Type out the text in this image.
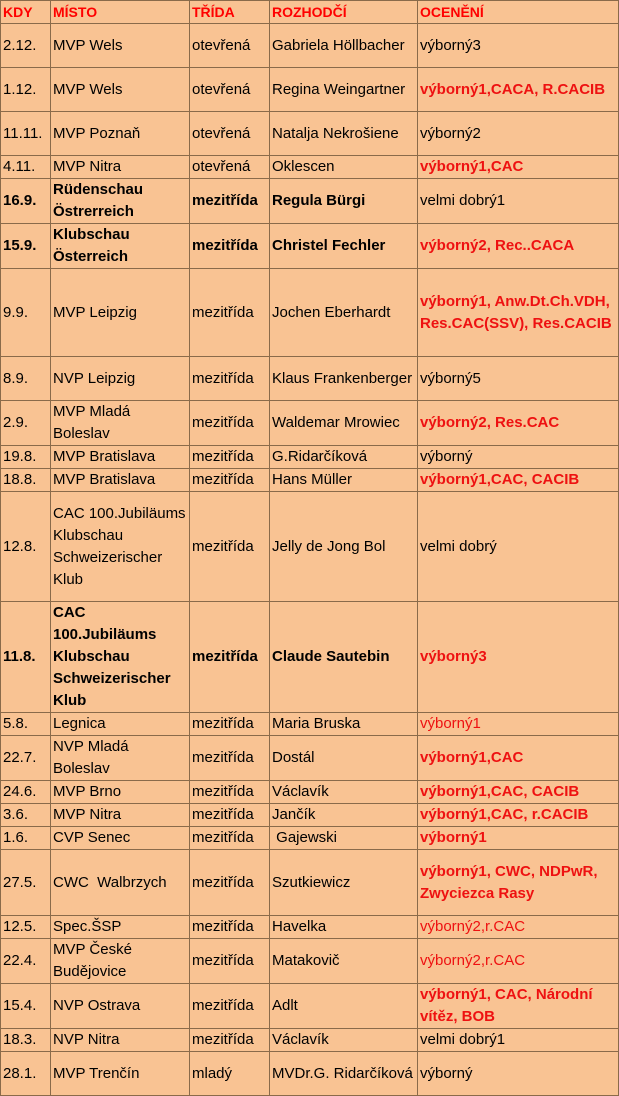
KDY	MÍSTO	TŘÍDA	ROZHODČÍ	OCENĚNÍ
2.12.	MVP Wels	otevřená	Gabriela Höllbacher	výborný3
1.12.	MVP Wels	otevřená	Regina Weingartner	výborný1,CACA, R.CACIB
11.11.	MVP Poznaň	otevřená	Natalja Nekrošiene	výborný2
4.11.	MVP Nitra	otevřená	Oklescen	výborný1,CAC
16.9.	Rüdenschau Östrerreich	mezitřída	Regula Bürgi	velmi dobrý1
15.9.	Klubschau Österreich	mezitřída	Christel Fechler	výborný2, Rec..CACA
9.9.	MVP Leipzig	mezitřída	Jochen Eberhardt	výborný1, Anw.Dt.Ch.VDH, Res.CAC(SSV), Res.CACIB
8.9.	NVP Leipzig	mezitřída	Klaus Frankenberger	výborný5
2.9.	MVP Mladá Boleslav	mezitřída	Waldemar Mrowiec	výborný2, Res.CAC
19.8.	MVP Bratislava	mezitřída	G.Ridarčíková	výborný
18.8.	MVP Bratislava	mezitřída	Hans Müller	výborný1,CAC, CACIB
12.8.	CAC 100.Jubiläums Klubschau Schweizerischer Klub	mezitřída	Jelly de Jong Bol	velmi dobrý
11.8.	CAC 100.Jubiläums Klubschau Schweizerischer Klub	mezitřída	Claude Sautebin	výborný3
5.8.	Legnica	mezitřída	Maria Bruska	výborný1
22.7.	NVP Mladá Boleslav	mezitřída	Dostál	výborný1,CAC
24.6.	MVP Brno	mezitřída	Václavík	výborný1,CAC, CACIB
3.6.	MVP Nitra	mezitřída	Jančík	výborný1,CAC, r.CACIB
1.6.	CVP Senec	mezitřída	Gajewski	výborný1
27.5.	CWC  Walbrzych	mezitřída	Szutkiewicz	výborný1, CWC, NDPwR, Zwyciezca Rasy
12.5.	Spec.ŠSP	mezitřída	Havelka	výborný2,r.CAC
22.4.	MVP České Budějovice	mezitřída	Matakovič	výborný2,r.CAC
15.4.	NVP Ostrava	mezitřída	Adlt	výborný1, CAC, Národní vítěz, BOB
18.3.	NVP Nitra	mezitřída	Václavík	velmi dobrý1
28.1.	MVP Trenčín	mladý	MVDr.G. Ridarčíková	výborný
